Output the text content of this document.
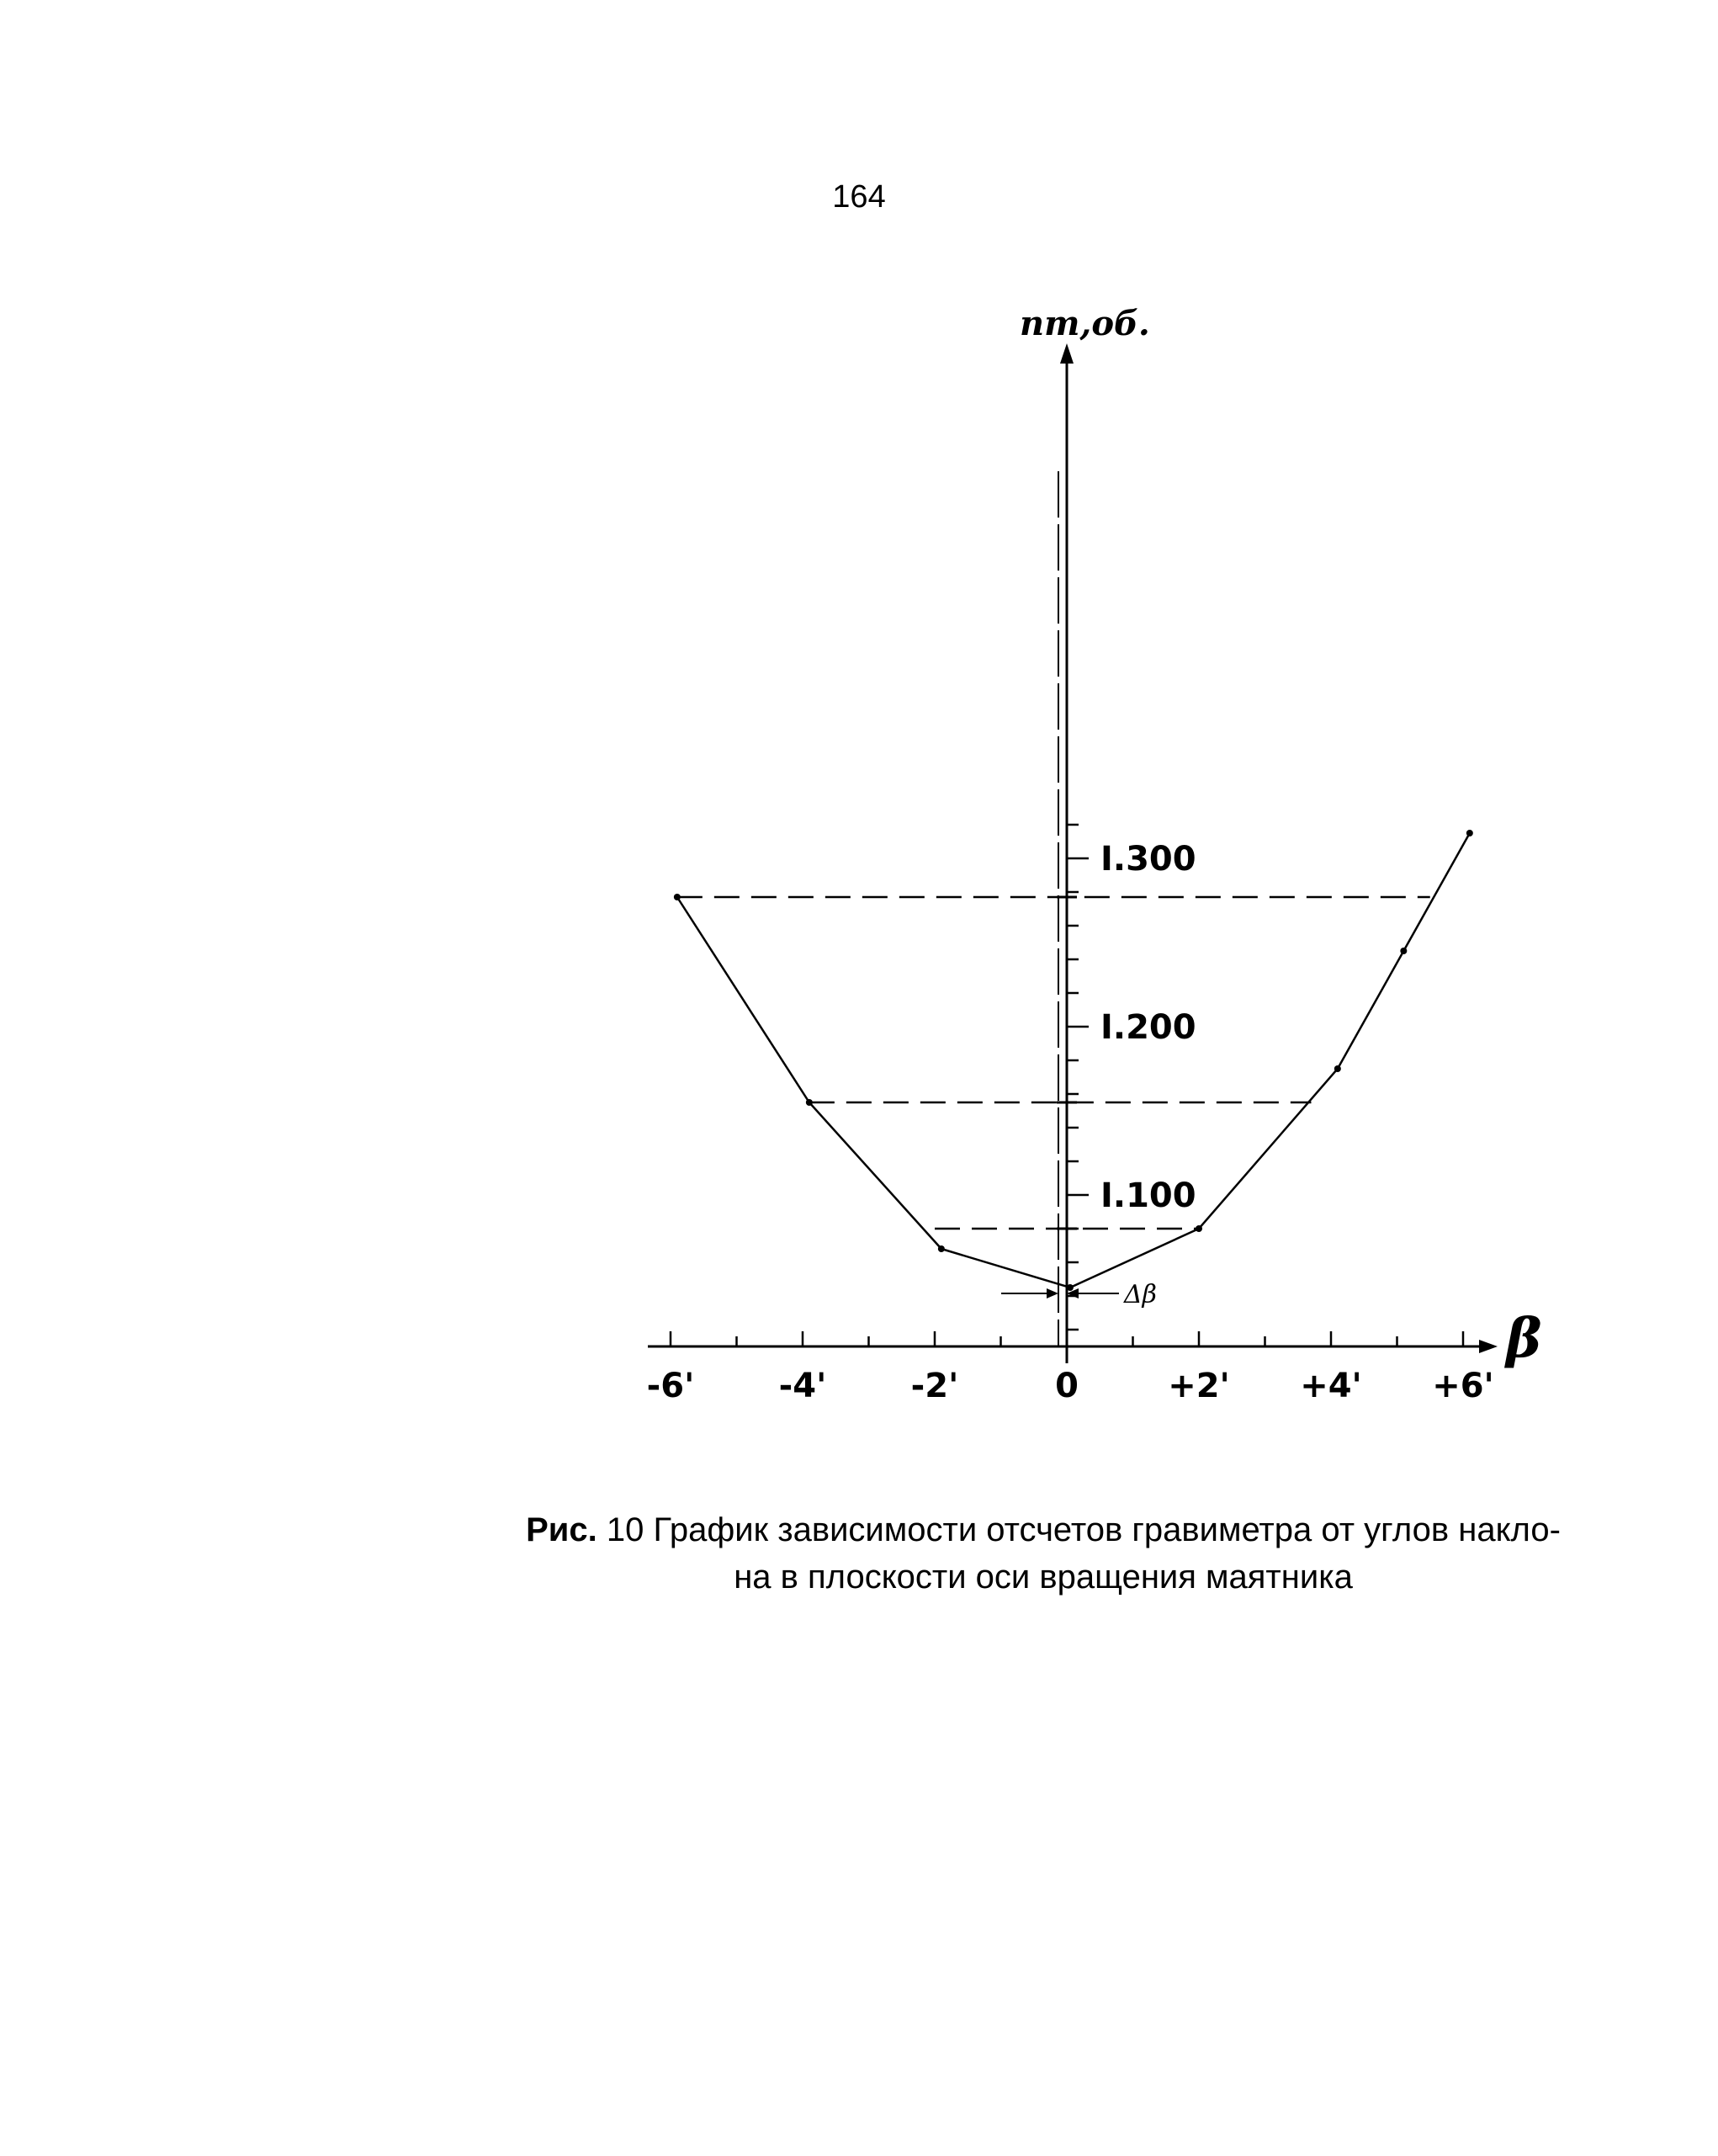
164
I.100
I.200
I.300
-6'	-4'	-2'	0	+2' +4' +6'
nт,об.
β
Δβ
Рис. 10 График зависимости отсчетов гравиметра от углов накло-
на в плоскости оси вращения маятника
